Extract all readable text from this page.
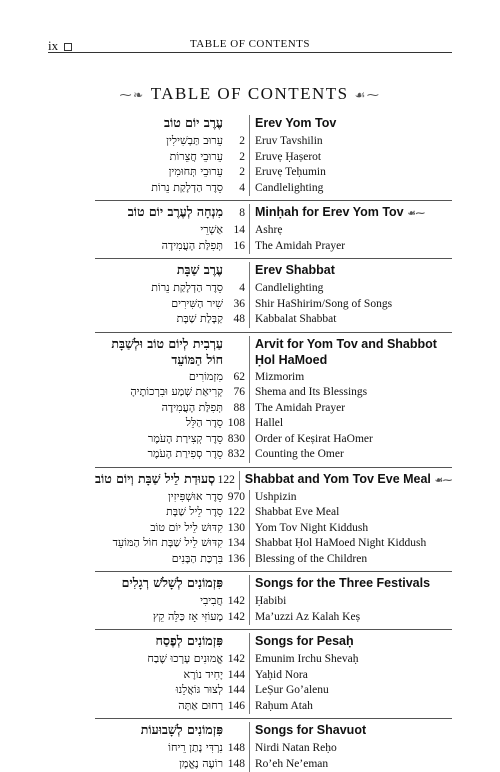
ix	TABLE OF CONTENTS
⁓❧ TABLE OF CONTENTS ☙⁓
עֶרֶב יוֹם טוֹב	Erev Yom Tov
עֵרוּב תַּבְשִׁילִין	2 Eruv Tavshilin
עֵרוּבֵי חֲצֵרוֹת	2 Eruvẹ Ḥaṣerot
עֵרוּבֵי תְּחוּמִין	2 Eruvẹ Teḥumin
סֵדֶר הַדְלָקַת נֵרוֹת	4 Candlelighting
מִנְחָה לְעֶרֶב יוֹם טוֹב	8 Minḥah for Erev Yom Tov ☙⁓
אַשְׁרֵי 14 Ashrẹ
תְּפִלַּת הָעֲמִידָה 16 The Amidah Prayer
עֶרֶב שַׁבָּת	Erev Shabbat
סֵדֶר הַדְלָקַת נֵרוֹת	4 Candlelighting
שִׁיר הַשִּׁירִים 36 Shir HaShirim/Song of Songs
קַבָּלַת שַׁבָּת 48 Kabbalat Shabbat
עַרְבִית לְיוֹם טוֹב וּלְשַׁבָּת חוֹל הַמּוֹעֵד
Arvit for Yom Tov and Shabbot Ḥol HaMoed
מִזְמוֹרִים 62 Mizmorim
קְרִיאַת שְׁמַע וּבִרְכוֹתֶיהָ 76 Shema and Its Blessings
תְּפִלַּת הָעֲמִידָה 88 The Amidah Prayer
סֵדֶר הַלֵּל 108 Hallel
סֵדֶר קְצִירַת הָעֹמֶר 830 Order of Keṣirat HaOmer
סֵדֶר סְפִירַת הָעֹמֶר 832 Counting the Omer
סְעוּדַת לֵיל שַׁבָּת וְיוֹם טוֹב 122 Shabbat and Yom Tov Eve Meal ☙⁓
סֵדֶר אוּשְׁפִּיזִין 970 Ushpizin
סֵדֶר לֵיל שַׁבָּת 122 Shabbat Eve Meal
קִדּוּשׁ לֵיל יוֹם טוֹב 130 Yom Tov Night Kiddush
קִדּוּשׁ לֵיל שַׁבָּת חוֹל הַמּוֹעֵד 134 Shabbat Ḥol HaMoed Night Kiddush
בִּרְכַּת הַבָּנִים 136 Blessing of the Children
פִּזְמוֹנִים לְשָׁלֹשׁ רְגָלִים	Songs for the Three Festivals
חֲבִיבִי 142 Ḥabibi
מָעוֹזִּי אָז כַּלֵּה קֵץ 142 Ma’uzzi Az Kalah Keṣ
פִּזְמוֹנִים לְפֶסַח	Songs for Pesaḥ
אֱמוּנִים עָרְכוּ שֶׁבַח 142 Emunim Irchu Shevaḥ
יָחִיד נוֹרָא 144 Yaḥid Nora
לְצוּר גּוֹאֲלֵנוּ 144 LeṢur Go’alenu
רַחוּם אַתָּה 146 Raḥum Atah
פִּזְמוֹנִים לְשָׁבוּעוֹת	Songs for Shavuot
נִרְדִּי נָתַן רֵיחוֹ 148 Nirdi Natan Reḥo
רוֹעֶה נֶאֱמָן 148 Ro’eh Ne’eman
